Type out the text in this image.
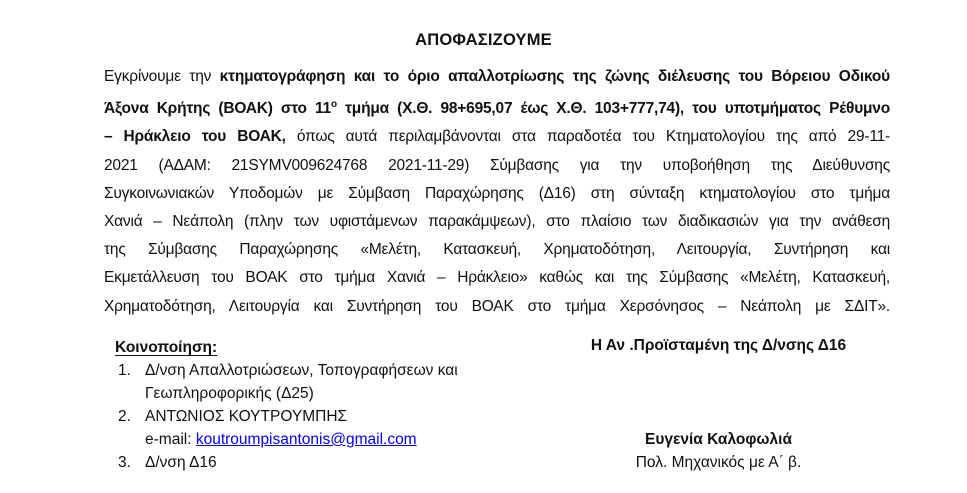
ΑΠΟΦΑΣΙΖΟΥΜΕ
Εγκρίνουμε την κτηματογράφηση και το όριο απαλλοτρίωσης της ζώνης διέλευσης του Βόρειου Οδικού
Άξονα Κρήτης (ΒΟΑΚ) στο $11^o$ τμήμα (Χ.Θ. 98+695,07 έως Χ.Θ. 103+777,74), του υποτμήματος Ρέθυμνο
– Ηράκλειο του ΒΟΑΚ, όπως αυτά περιλαμβάνονται στα παραδοτέα του Κτηματολογίου της από 29-11-
2021 (ΑΔΑΜ: 21SYMV009624768 2021-11-29) Σύμβασης για την υποβοήθηση της Διεύθυνσης
Συγκοινωνιακών Υποδομών με Σύμβαση Παραχώρησης (Δ16) στη σύνταξη κτηματολογίου στο τμήμα
Χανιά – Νεάπολη (πλην των υφιστάμενων παρακάμψεων), στο πλαίσιο των διαδικασιών για την ανάθεση
της Σύμβασης Παραχώρησης «Μελέτη, Κατασκευή, Χρηματοδότηση, Λειτουργία, Συντήρηση και
Εκμετάλλευση του ΒΟΑΚ στο τμήμα Χανιά – Ηράκλειο» καθώς και της Σύμβασης «Μελέτη, Κατασκευή,
Χρηματοδότηση, Λειτουργία και Συντήρηση του ΒΟΑΚ στο τμήμα Χερσόνησος – Νεάπολη με ΣΔΙΤ».
Κοινοποίηση:
1. Δ/νση Απαλλοτριώσεων, Τοπογραφήσεων και
Γεωπληροφορικής (Δ25)
2. ΑΝΤΩΝΙΟΣ ΚΟΥΤΡΟΥΜΠΗΣ
e-mail: koutroumpisantonis@gmail.com
3. Δ/νση Δ16
Η Αν .Προϊσταμένη της Δ/νσης Δ16
Ευγενία Καλοφωλιά
Πολ. Μηχανικός με Α΄ β.
